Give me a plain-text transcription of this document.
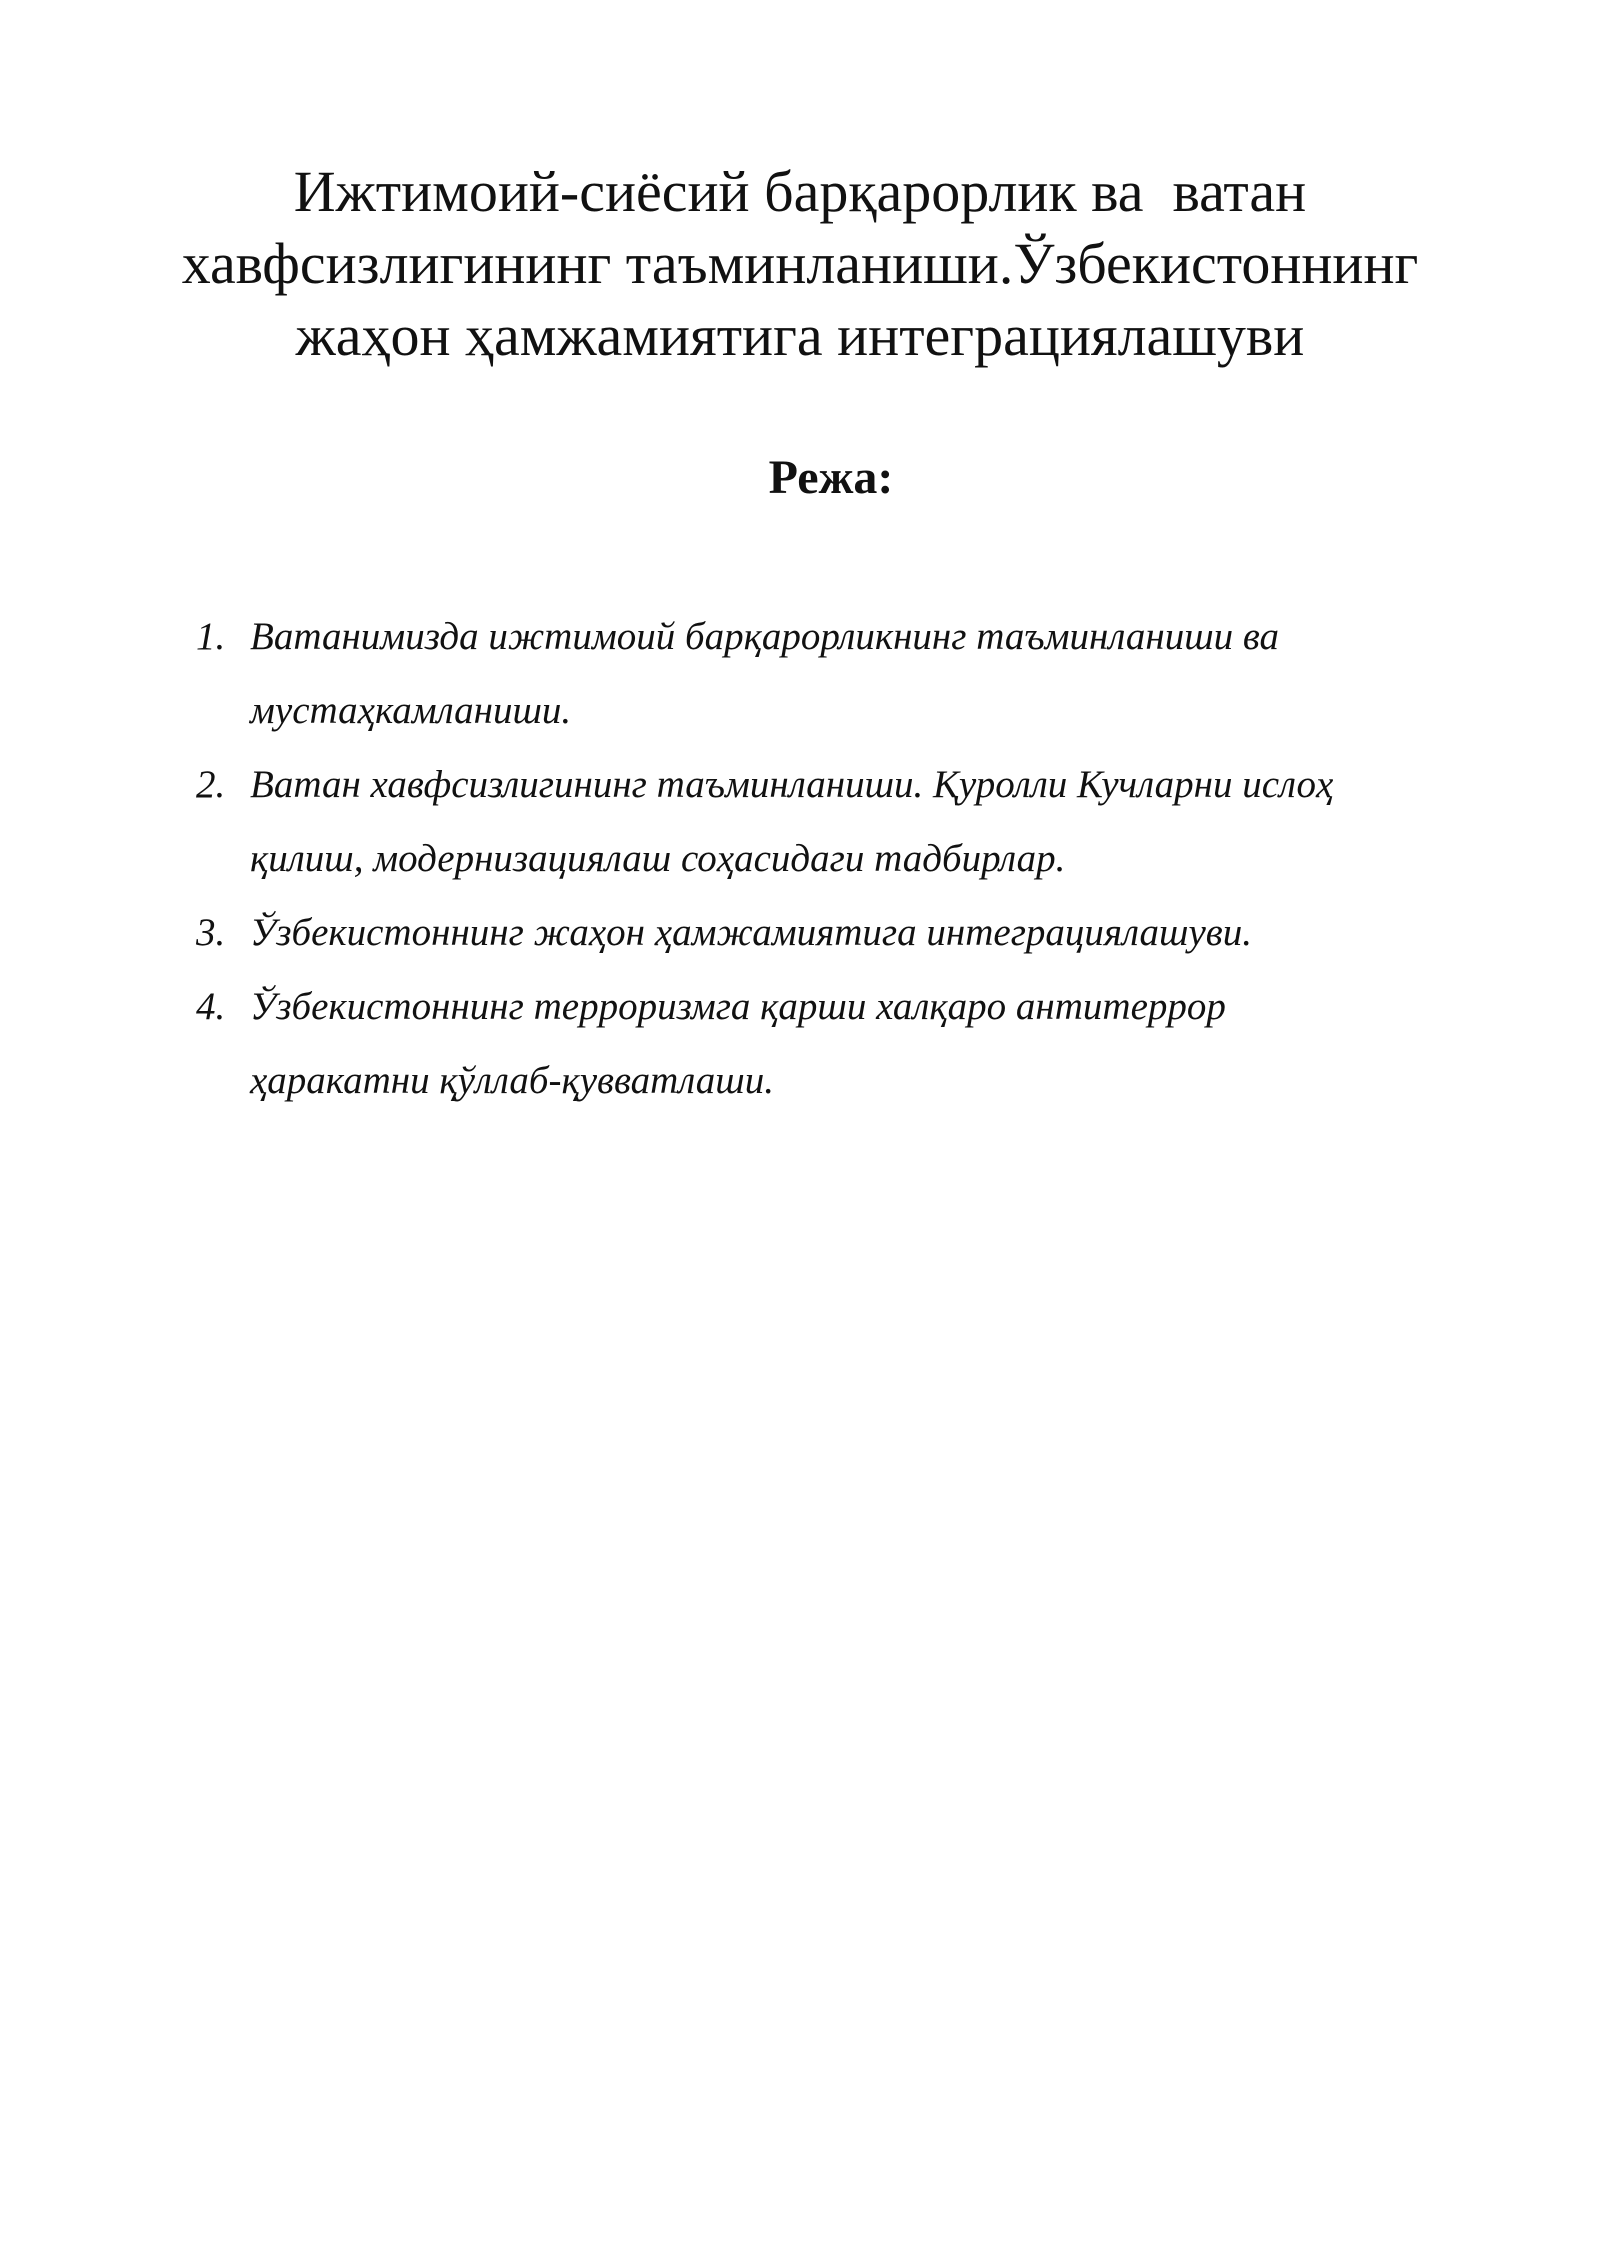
Ижтимоий-сиёсий барқарорлик ва  ватан
хавфсизлигининг таъминланиши.Ўзбекистоннинг
жаҳон ҳамжамиятига интеграциялашуви
Режа:
1. Ватанимизда ижтимоий барқарорликнинг таъминланиши ва
мустаҳкамланиши.
2. Ватан хавфсизлигининг таъминланиши. Қуролли Кучларни ислоҳ
қилиш, модернизациялаш соҳасидаги тадбирлар.
3. Ўзбекистоннинг жаҳон ҳамжамиятига интеграциялашуви.
4. Ўзбекистоннинг терроризмга қарши халқаро антитеррор
ҳаракатни қўллаб-қувватлаши.
